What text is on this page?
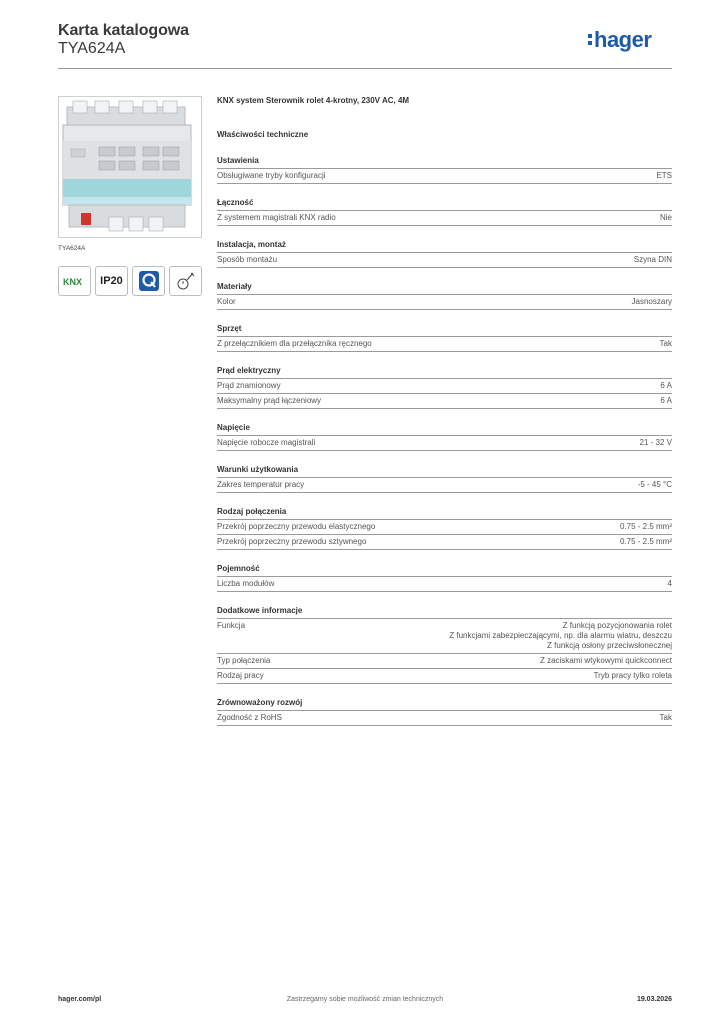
Karta katalogowa
TYA624A	hager
TYA624A
KNX IP20
KNX system Sterownik rolet 4-krotny, 230V AC, 4M
Właściwości techniczne
Ustawienia
Obsługiwane tryby konfiguracji	ETS
Łączność
Z systemem magistrali KNX radio	Nie
Instalacja, montaż
Sposób montażu	Szyna DIN
Materiały
Kolor	Jasnoszary
Sprzęt
Z przełącznikiem dla przełącznika ręcznego	Tak
Prąd elektryczny
Prąd znamionowy	6 A
Maksymalny prąd łączeniowy	6 A
Napięcie
Napięcie robocze magistrali	21 - 32 V
Warunki użytkowania
Zakres temperatur pracy	-5 - 45 °C
Rodzaj połączenia
Przekrój poprzeczny przewodu elastycznego	0.75 - 2.5 mm²
Przekrój poprzeczny przewodu sztywnego	0.75 - 2.5 mm²
Pojemność
Liczba modułów	4
Dodatkowe informacje
Funkcja	Z funkcją pozycjonowania rolet
Z funkcjami zabezpieczającymi, np. dla alarmu wiatru, deszczu
Z funkcją osłony przeciwsłonecznej
Typ połączenia	Z zaciskami wtykowymi quickconnect
Rodzaj pracy	Tryb pracy tylko roleta
Zrównoważony rozwój
Zgodność z RoHS	Tak
hager.com/pl	Zastrzegamy sobie możliwość zmian technicznych	19.03.2026
